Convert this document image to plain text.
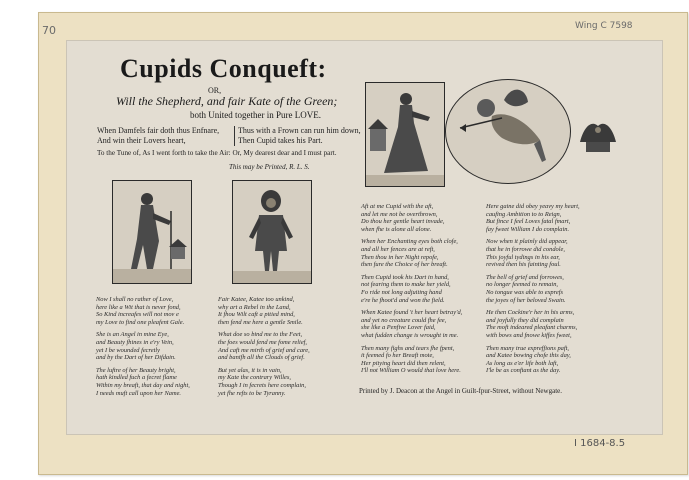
70	Wing C 7598
Cupids Conqueft:
OR,
Will the Shepherd, and fair Kate of the Green;
both United together in Pure LOVE.
When Damfels fair doth thus Enfnare,
And win their Lovers heart,
Thus with a Frown can run him down,
Then Cupid takes his Part.
To the Tune of, As I went forth to take the Air: Or, My dearest dear and I must part.
This may be Printed, R. L. S.

Now I shall no rather of Love,
here like a Wit that is never fond,
So Kind increafes will not mov e
my Love to find one pleafent Gale.

She is an Angel in mine Eye,
and Beauty fhines in e'ry Vein,
yet I be wounded fecretly
and by the Dart of her Difdain.

The luftre of her Beauty bright,
hath kindled fuch a fecret flame
Within my breaft, that day and night,
I needs muft call upon her Name.

Fair Katee, Katee too unkind,
why art a Rebel in the Land,
It fhou Wilt caft a pitied mind,
then fend me here a gentle Smile.

What doe so bind me to the Feet,
the foes would fend me fome relief,
And caft me mirth of grief and care,
and banifh all the Clouds of grief.

But yet alas, it is in vain,
my Kate the contrary Willes,
Though I in fecrets here complain,
yet fhe refts to be Tyranny.

Aft at me Cupid with the aft,
and let me not be overthrown,
Do thou her gentle heart invade,
when fhe is alone all alone.

When her Enchanting eyes both clofe,
and all her fences are at reft,
Then thou in her Night repofe,
then fure the Choice of her breaft.

Then Cupid took his Dart in hand,
not fearing them to make her yield,
Fo ride not long adjuiting hand
e're he fhoot'd and won the field.

When Katee found 't her heart betray'd,
and yet no creature could fhe fee,
she like a Penfive Lover faid,
what fudden change is wrought in me.

Then many fighs and tears fhe fpent,
it feemed fo her Breaft mote,
Her pitying heart did then relent,
I'll not William O would that love here.

Here gaine did obey yeavy my heart,
caufing Ambition to to Reign,
But fince I feel Loves fatal fmart,
fay fweet William I do complain.

Now when it plainly did appear,
that he in forrowe did condole,
This joyful tydings in his ear,
revived then his fainting foul.

The bell of grief and forrowes,
no longer feemed to remain,
No tongue was able to exprefs
the joyes of her beloved Swain.

He then Cockine'r her in his arms,
and joyfully they did complain
The moft indeared pleafant charms,
with bows and fnowe kiffes fweet,

Then many true expreffions paft,
and Katee bowing chofe this day,
As long as e'er life both laft,
I'le be as conftant as the day.

Printed by J. Deacon at the Angel in Guilt-fpur-Street, without Newgate.
I 1684-8.5
